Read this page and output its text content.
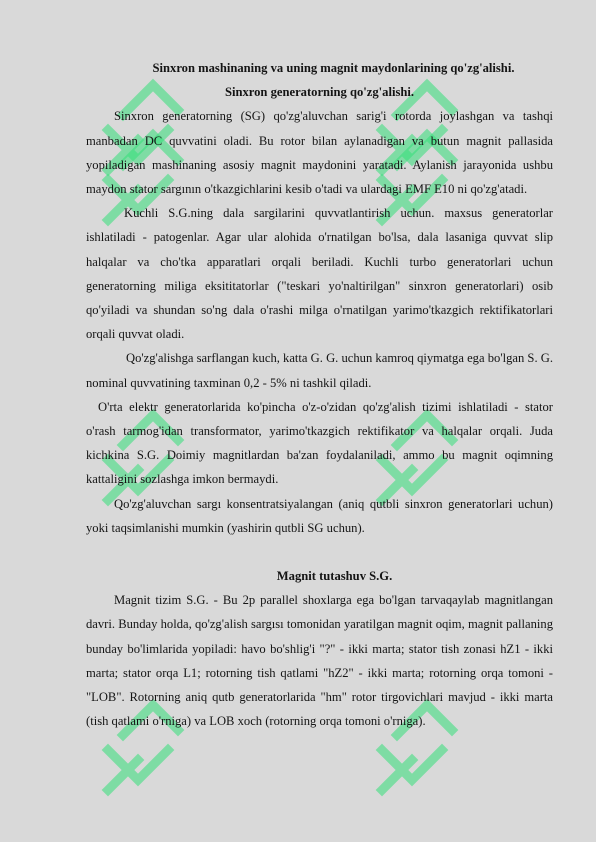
Sinxron mashinaning va uning magnit maydonlarining qo'zg'alishi.

Sinxron generatorning qo'zg'alishi.

Sinxron generatorning (SG) qo'zg'aluvchan sarig'i rotorda joylashgan va tashqi manbadan DC quvvatini oladi. Bu rotor bilan aylanadigan va butun magnit pallasida yopiladigan mashinaning asosiy magnit maydonini yaratadi. Aylanish jarayonida ushbu maydon stator sargının o'tkazgichlarini kesib o'tadi va ulardagi EMF E10 ni qo'zg'atadi.

Kuchli S.G.ning dala sargilarini quvvatlantirish uchun. maxsus generatorlar ishlatiladi - patogenlar. Agar ular alohida o'rnatilgan bo'lsa, dala lasaniga quvvat slip halqalar va cho'tka apparatlari orqali beriladi. Kuchli turbo generatorlari uchun generatorning miliga eksititatorlar ("teskari yo'naltirilgan" sinxron generatorlari) osib qo'yiladi va shundan so'ng dala o'rashi milga o'rnatilgan yarimo'tkazgich rektifikatorlari orqali quvvat oladi.

Qo'zg'alishga sarflangan kuch, katta G. G. uchun kamroq qiymatga ega bo'lgan S. G. nominal quvvatining taxminan 0,2 - 5% ni tashkil qiladi.

O'rta elektr generatorlarida ko'pincha o'z-o'zidan qo'zg'alish tizimi ishlatiladi - stator o'rash tarmog'idan transformator, yarimo'tkazgich rektifikator va halqalar orqali. Juda kichkina S.G. Doimiy magnitlardan ba'zan foydalaniladi, ammo bu magnit oqimning kattaligini sozlashga imkon bermaydi.

Qo'zg'aluvchan sargı konsentratsiyalangan (aniq qutbli sinxron generatorlari uchun) yoki taqsimlanishi mumkin (yashirin qutbli SG uchun).

Magnit tutashuv S.G.

Magnit tizim S.G. - Bu 2p parallel shoxlarga ega bo'lgan tarvaqaylab magnitlangan davri. Bunday holda, qo'zg'alish sargısı tomonidan yaratilgan magnit oqim, magnit pallaning bunday bo'limlarida yopiladi: havo bo'shlig'i "?" - ikki marta; stator tish zonasi hZ1 - ikki marta; stator orqa L1; rotorning tish qatlami "hZ2" - ikki marta; rotorning orqa tomoni - "LOB". Rotorning aniq qutb generatorlarida "hm" rotor tirgovichlari mavjud - ikki marta (tish qatlami o'rniga) va LOB xoch (rotorning orqa tomoni o'rniga).
